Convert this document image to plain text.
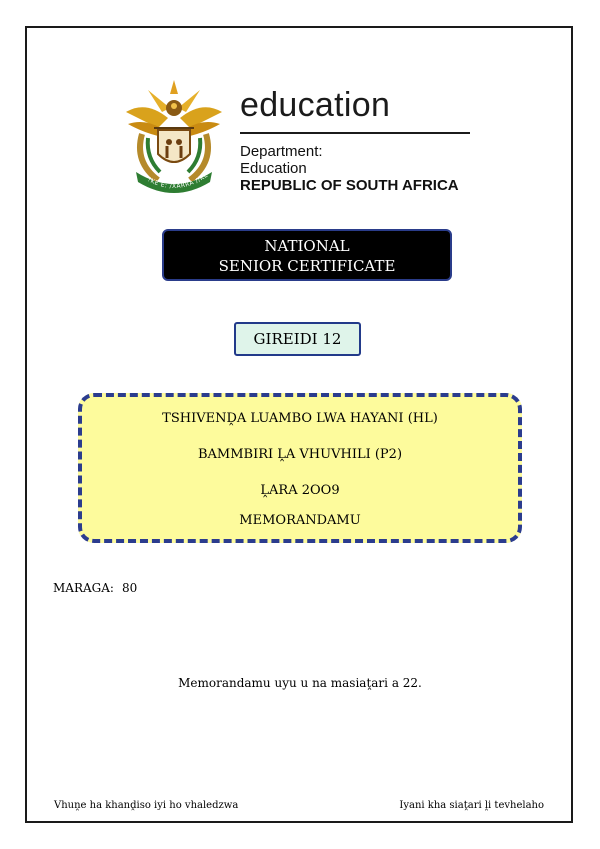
!KE E: /XARRA //KE
education
Department:
Education
REPUBLIC OF SOUTH AFRICA
NATIONAL
SENIOR CERTIFICATE
GIREIDI 12
TSHIVENḒA LUAMBO LWA HAYANI (HL)
BAMMBIRI ḼA VHUVHILI (P2)
ḼARA 2OO9
MEMORANDAMU
MARAGA: 80
Memorandamu uyu u na masiaṱari a 22.
Vhuṋe ha khanḓiso iyi ho vhaledzwa	Iyani kha siaṱari ḽi tevhelaho
